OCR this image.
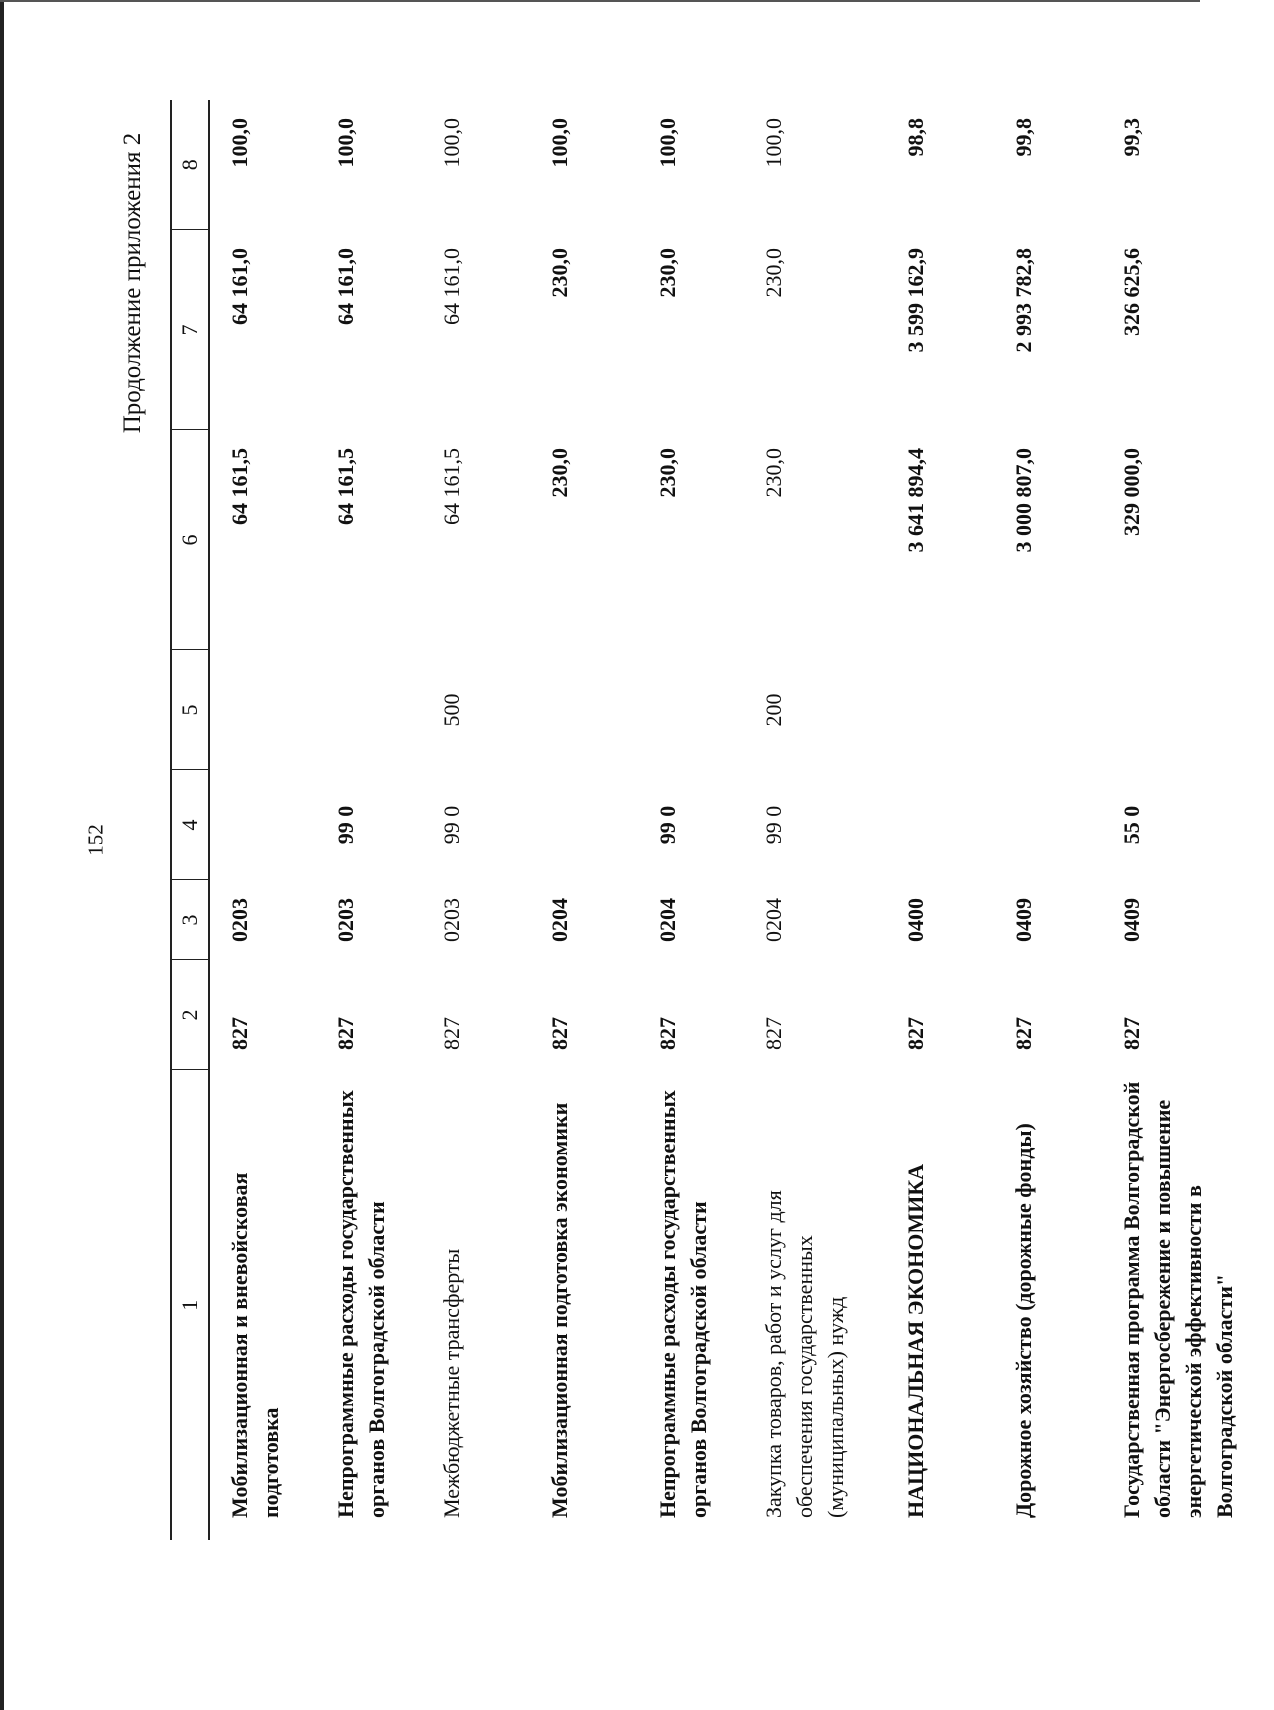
152
Продолжение приложения 2
1	2	3	4	5	6	7	8
Мобилизационная и вневойсковая подготовка	827	0203			64 161,5	64 161,0	100,0
Непрограммные расходы государственных органов Волгоградской области	827	0203	99 0		64 161,5	64 161,0	100,0
Межбюджетные трансферты	827	0203	99 0	500	64 161,5	64 161,0	100,0
Мобилизационная подготовка экономики	827	0204			230,0	230,0	100,0
Непрограммные расходы государственных органов Волгоградской области	827	0204	99 0		230,0	230,0	100,0
Закупка товаров, работ и услуг для обеспечения государственных (муниципальных) нужд	827	0204	99 0	200	230,0	230,0	100,0
НАЦИОНАЛЬНАЯ ЭКОНОМИКА	827	0400			3 641 894,4	3 599 162,9	98,8
Дорожное хозяйство (дорожные фонды)	827	0409			3 000 807,0	2 993 782,8	99,8
Государственная программа Волгоградской области "Энергосбережение и повышение энергетической эффективности в Волгоградской области"	827	0409	55 0		329 000,0	326 625,6	99,3
